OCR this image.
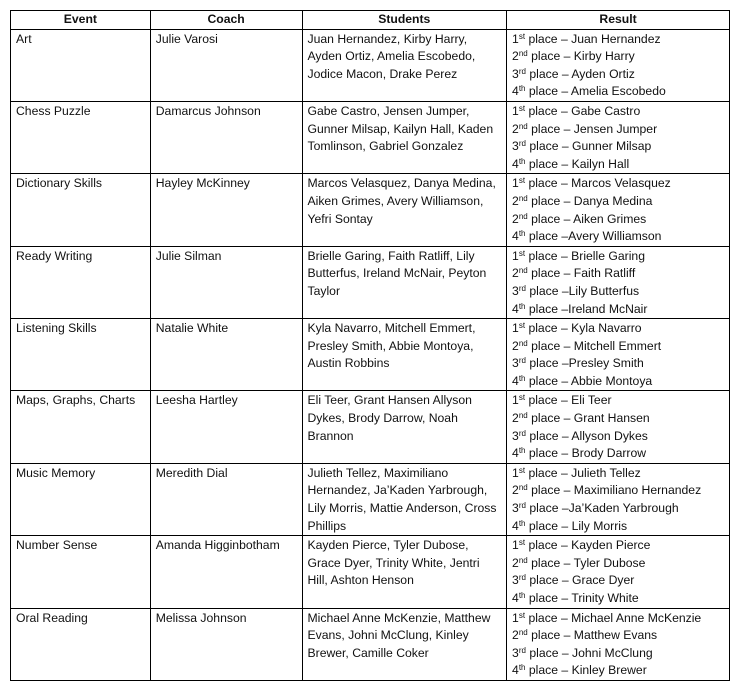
Event	Coach	Students	Result
Art	Julie Varosi	Juan Hernandez, Kirby Harry, Ayden Ortiz, Amelia Escobedo, Jodice Macon, Drake Perez	1st place – Juan Hernandez
2nd place – Kirby Harry
3rd place – Ayden Ortiz
4th place – Amelia Escobedo

Chess Puzzle	Damarcus Johnson	Gabe Castro, Jensen Jumper, Gunner Milsap, Kailyn Hall, Kaden Tomlinson, Gabriel Gonzalez	1st place – Gabe Castro
2nd place – Jensen Jumper
3rd place – Gunner Milsap
4th place – Kailyn Hall

Dictionary Skills	Hayley McKinney	Marcos Velasquez, Danya Medina, Aiken Grimes, Avery Williamson, Yefri Sontay	1st place – Marcos Velasquez
2nd place – Danya Medina
2nd place – Aiken Grimes
4th place –Avery Williamson

Ready Writing	Julie Silman	Brielle Garing, Faith Ratliff, Lily Butterfus, Ireland McNair, Peyton Taylor	1st place – Brielle Garing
2nd place – Faith Ratliff
3rd place –Lily Butterfus
4th place –Ireland McNair

Listening Skills	Natalie White	Kyla Navarro, Mitchell Emmert, Presley Smith, Abbie Montoya, Austin Robbins	1st place – Kyla Navarro
2nd place – Mitchell Emmert
3rd place –Presley Smith
4th place – Abbie Montoya

Maps, Graphs, Charts	Leesha Hartley	Eli Teer, Grant Hansen Allyson Dykes, Brody Darrow, Noah Brannon	1st place – Eli Teer
2nd place – Grant Hansen
3rd place – Allyson Dykes
4th place – Brody Darrow

Music Memory	Meredith Dial	Julieth Tellez, Maximiliano Hernandez, Ja’Kaden Yarbrough, Lily Morris, Mattie Anderson, Cross Phillips	1st place – Julieth Tellez
2nd place – Maximiliano Hernandez
3rd place –Ja’Kaden Yarbrough
4th place – Lily Morris

Number Sense	Amanda Higginbotham	Kayden Pierce, Tyler Dubose, Grace Dyer, Trinity White, Jentri Hill, Ashton Henson	1st place – Kayden Pierce
2nd place – Tyler Dubose
3rd place – Grace Dyer
4th place – Trinity White

Oral Reading	Melissa Johnson	Michael Anne McKenzie, Matthew Evans, Johni McClung, Kinley Brewer, Camille Coker	1st place – Michael Anne McKenzie
2nd place – Matthew Evans
3rd place – Johni McClung
4th place – Kinley Brewer
